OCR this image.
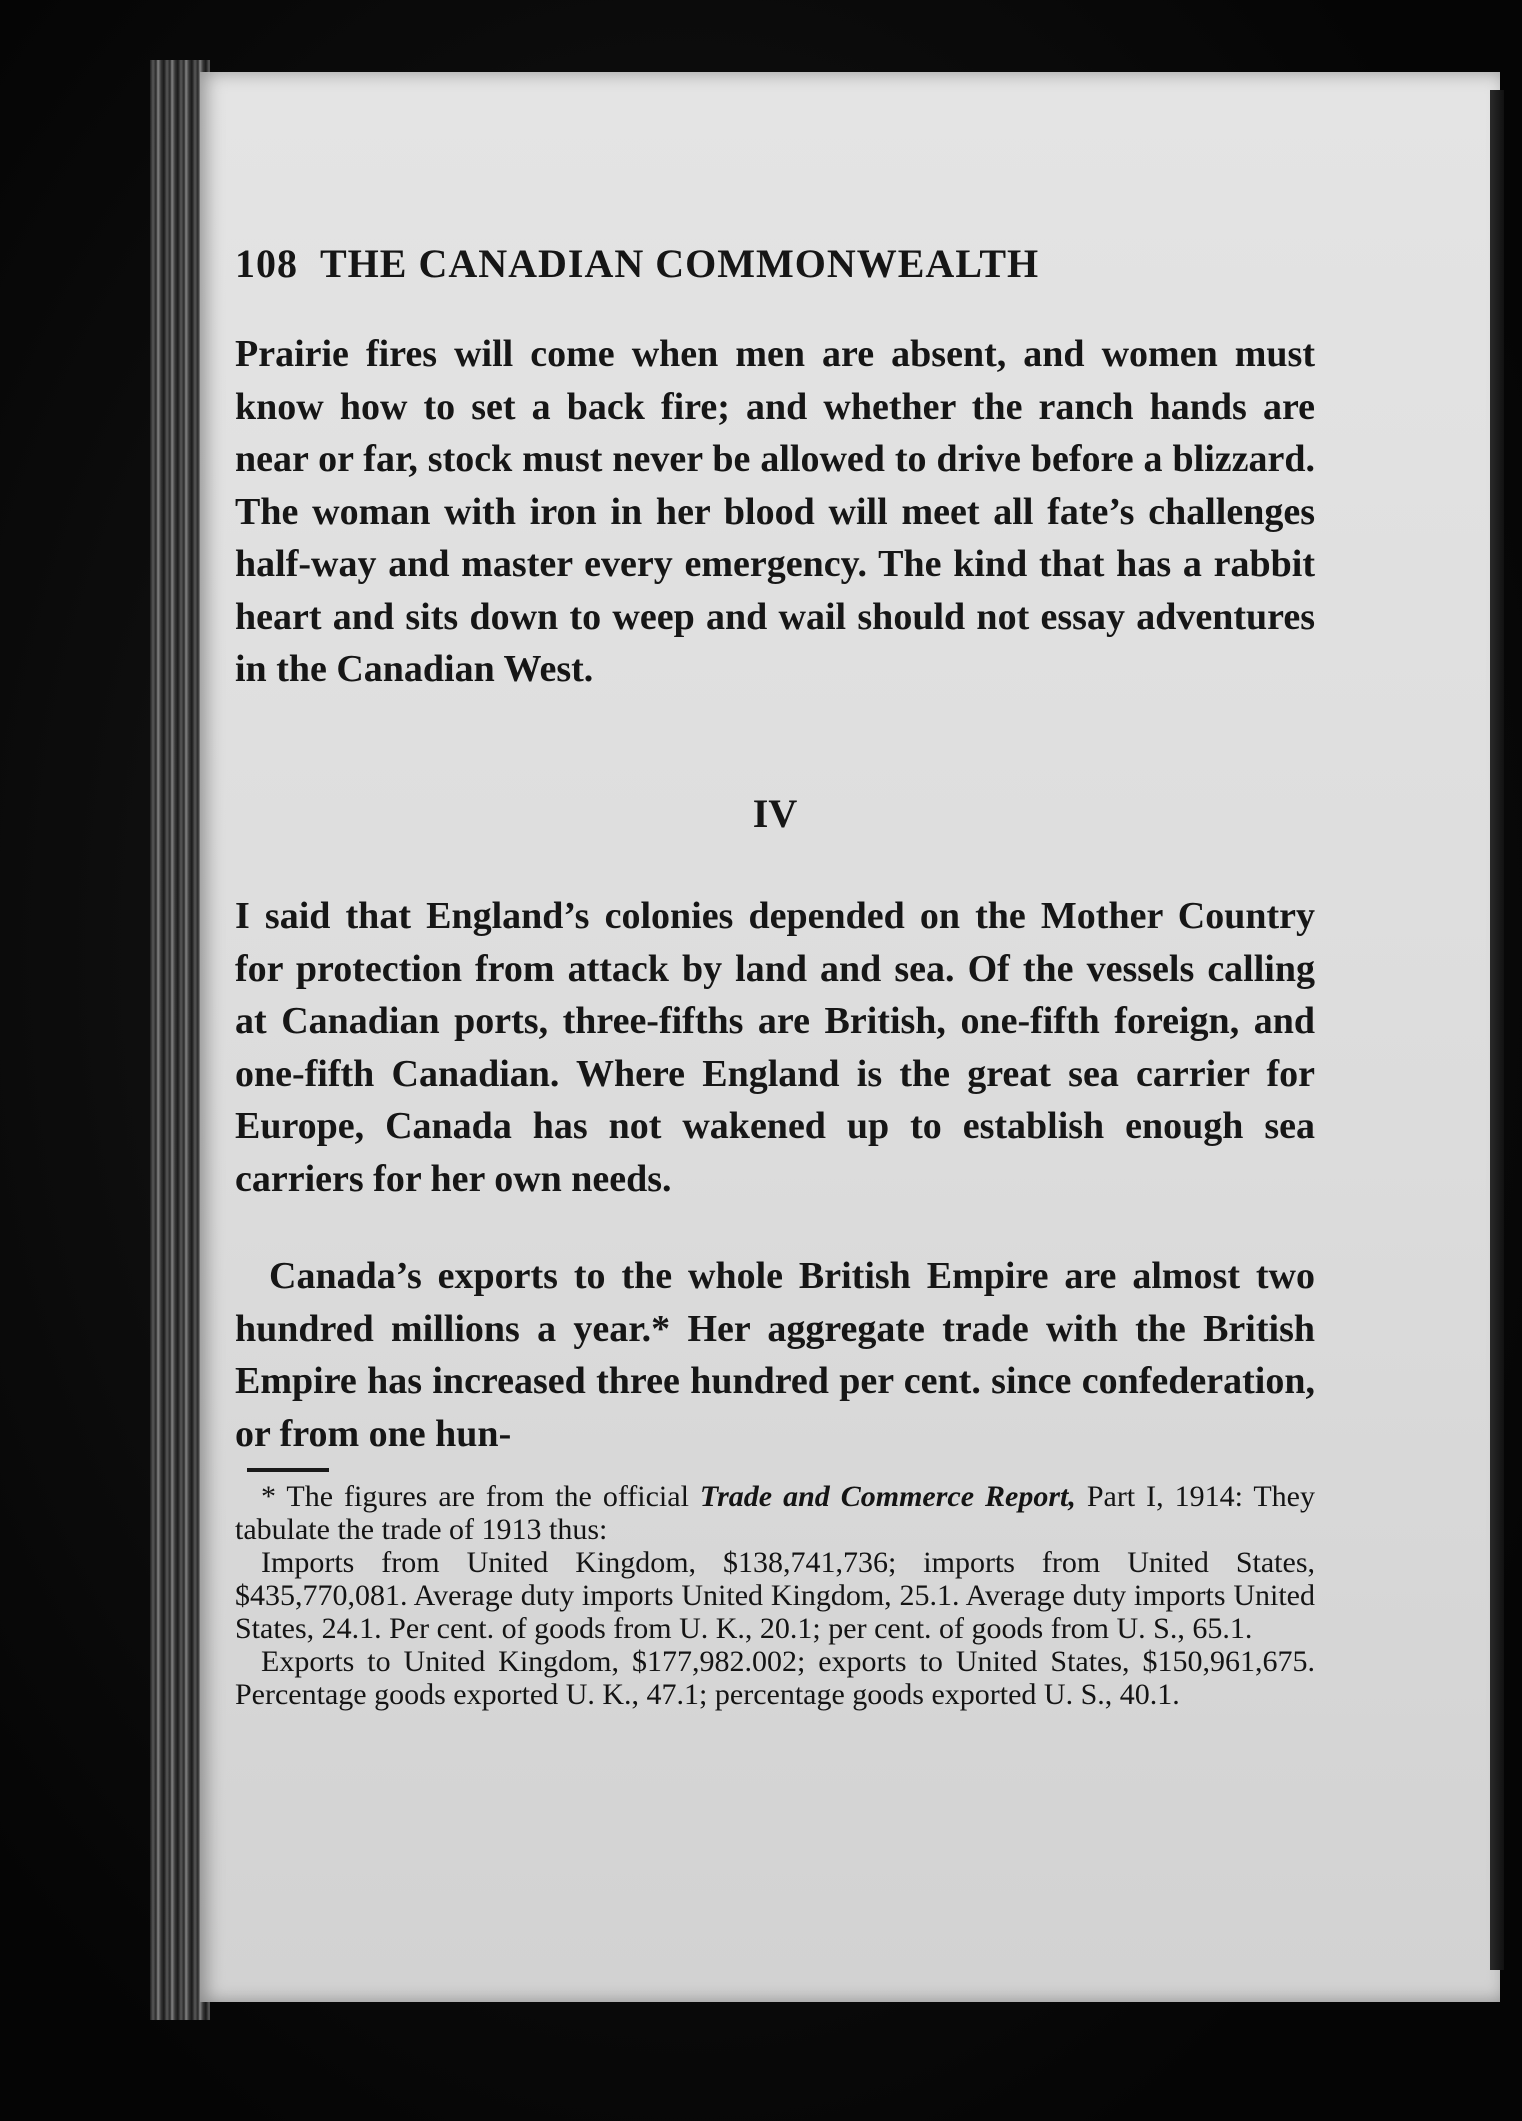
108 THE CANADIAN COMMONWEALTH

Prairie fires will come when men are absent, and women must know how to set a back fire; and whether the ranch hands are near or far, stock must never be allowed to drive before a blizzard. The woman with iron in her blood will meet all fate’s challenges half-way and master every emergency. The kind that has a rabbit heart and sits down to weep and wail should not essay adventures in the Canadian West.

IV

I said that England’s colonies depended on the Mother Country for protection from attack by land and sea. Of the vessels calling at Canadian ports, three-fifths are British, one-fifth foreign, and one-fifth Canadian. Where England is the great sea carrier for Europe, Canada has not wakened up to establish enough sea carriers for her own needs.

Canada’s exports to the whole British Empire are almost two hundred millions a year.* Her aggregate trade with the British Empire has increased three hundred per cent. since confederation, or from one hun-

* The figures are from the official Trade and Commerce Report, Part I, 1914: They tabulate the trade of 1913 thus:

Imports from United Kingdom, $138,741,736; imports from United States, $435,770,081. Average duty imports United Kingdom, 25.1. Average duty imports United States, 24.1. Per cent. of goods from U. K., 20.1; per cent. of goods from U. S., 65.1.

Exports to United Kingdom, $177,982.002; exports to United States, $150,961,675. Percentage goods exported U. K., 47.1; percentage goods exported U. S., 40.1.
